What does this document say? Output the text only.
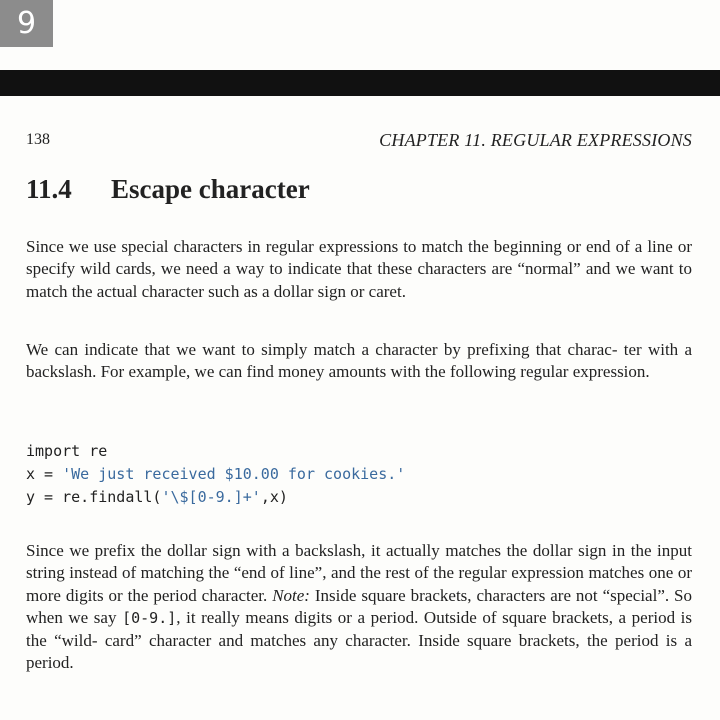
9
138	CHAPTER 11. REGULAR EXPRESSIONS
11.4 Escape character

Since we use special characters in regular expressions to match the beginning or end of a line or specify wild cards, we need a way to indicate that these characters are “normal” and we want to match the actual character such as a dollar sign or caret.

We can indicate that we want to simply match a character by prefixing that charac- ter with a backslash. For example, we can find money amounts with the following regular expression.

import re
x = 'We just received $10.00 for cookies.'
y = re.findall('\$[0-9.]+',x)

Since we prefix the dollar sign with a backslash, it actually matches the dollar sign in the input string instead of matching the “end of line”, and the rest of the regular expression matches one or more digits or the period character. Note: Inside square brackets, characters are not “special”. So when we say [0-9.], it really means digits or a period. Outside of square brackets, a period is the “wild- card” character and matches any character. Inside square brackets, the period is a period.
